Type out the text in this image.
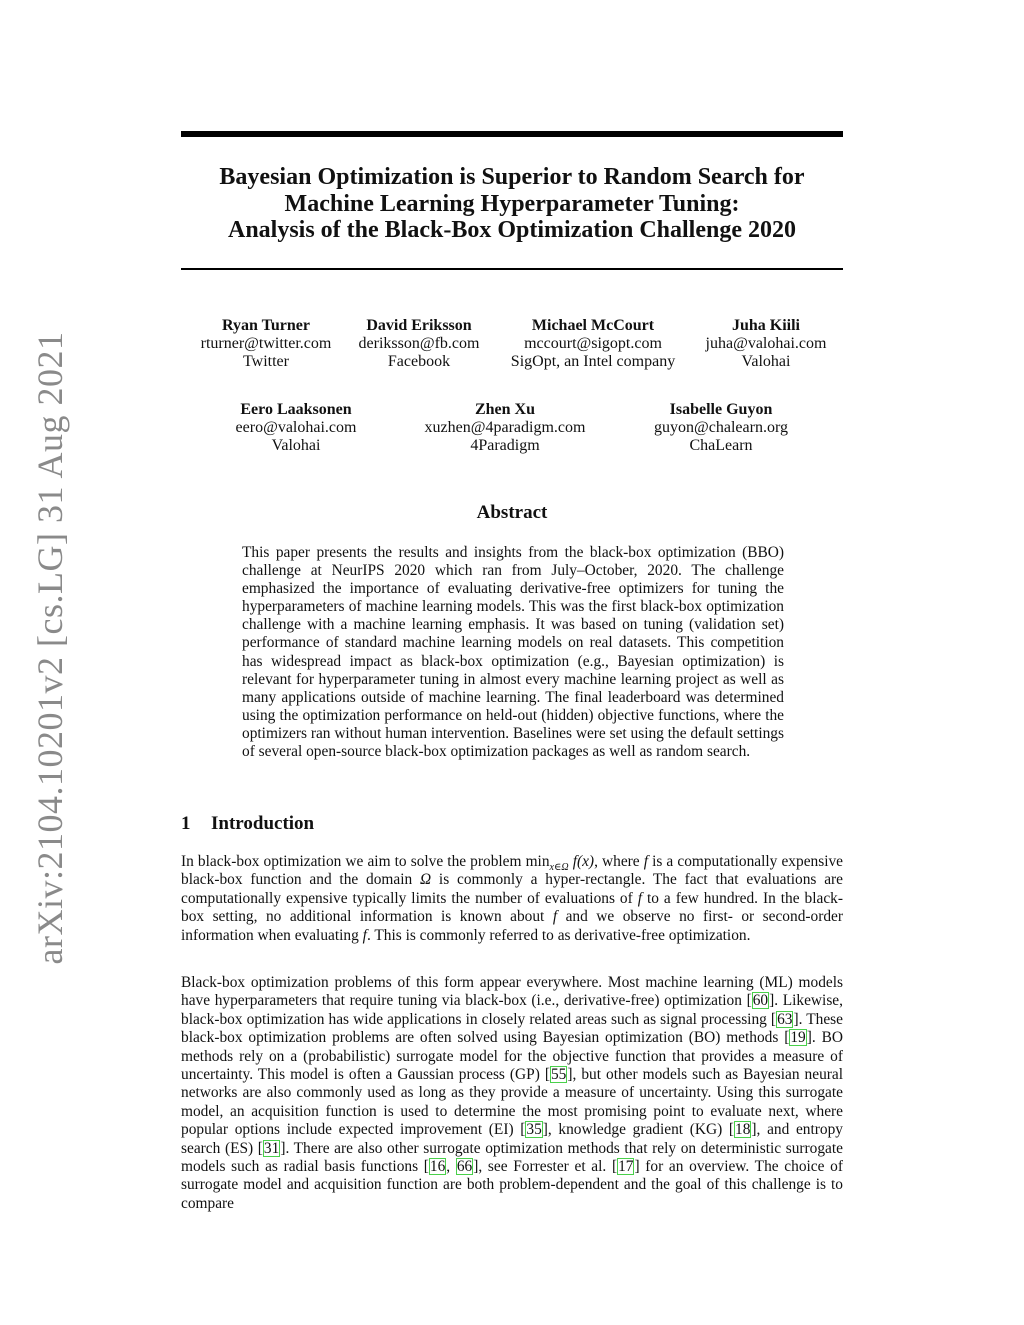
arXiv:2104.10201v2 [cs.LG] 31 Aug 2021
Bayesian Optimization is Superior to Random Search for
Machine Learning Hyperparameter Tuning:
Analysis of the Black-Box Optimization Challenge 2020
Ryan Turner
rturner@twitter.com
Twitter
David Eriksson
deriksson@fb.com
Facebook
Michael McCourt
mccourt@sigopt.com
SigOpt, an Intel company
Juha Kiili
juha@valohai.com
Valohai
Eero Laaksonen
eero@valohai.com
Valohai
Zhen Xu
xuzhen@4paradigm.com
4Paradigm
Isabelle Guyon
guyon@chalearn.org
ChaLearn
Abstract
This paper presents the results and insights from the black-box optimization (BBO) challenge at NeurIPS 2020 which ran from July–October, 2020. The challenge emphasized the importance of evaluating derivative-free optimizers for tuning the hyperparameters of machine learning models. This was the first black-box optimization challenge with a machine learning emphasis. It was based on tuning (validation set) performance of standard machine learning models on real datasets. This competition has widespread impact as black-box optimization (e.g., Bayesian optimization) is relevant for hyperparameter tuning in almost every machine learning project as well as many applications outside of machine learning. The final leaderboard was determined using the optimization performance on held-out (hidden) objective functions, where the optimizers ran without human intervention. Baselines were set using the default settings of several open-source black-box optimization packages as well as random search.
1 Introduction
In black-box optimization we aim to solve the problem $\min_{x\in\Omega} f(x)$, where f is a computationally expensive black-box function and the domain Ω is commonly a hyper-rectangle. The fact that evaluations are computationally expensive typically limits the number of evaluations of f to a few hundred. In the black-box setting, no additional information is known about f and we observe no first- or second-order information when evaluating f. This is commonly referred to as derivative-free optimization.
Black-box optimization problems of this form appear everywhere. Most machine learning (ML) models have hyperparameters that require tuning via black-box (i.e., derivative-free) optimization [60]. Likewise, black-box optimization has wide applications in closely related areas such as signal processing [63]. These black-box optimization problems are often solved using Bayesian optimization (BO) methods [19]. BO methods rely on a (probabilistic) surrogate model for the objective function that provides a measure of uncertainty. This model is often a Gaussian process (GP) [55], but other models such as Bayesian neural networks are also commonly used as long as they provide a measure of uncertainty. Using this surrogate model, an acquisition function is used to determine the most promising point to evaluate next, where popular options include expected improvement (EI) [35], knowledge gradient (KG) [18], and entropy search (ES) [31]. There are also other surrogate optimization methods that rely on deterministic surrogate models such as radial basis functions [16, 66], see Forrester et al. [17] for an overview. The choice of surrogate model and acquisition function are both problem-dependent and the goal of this challenge is to compare
